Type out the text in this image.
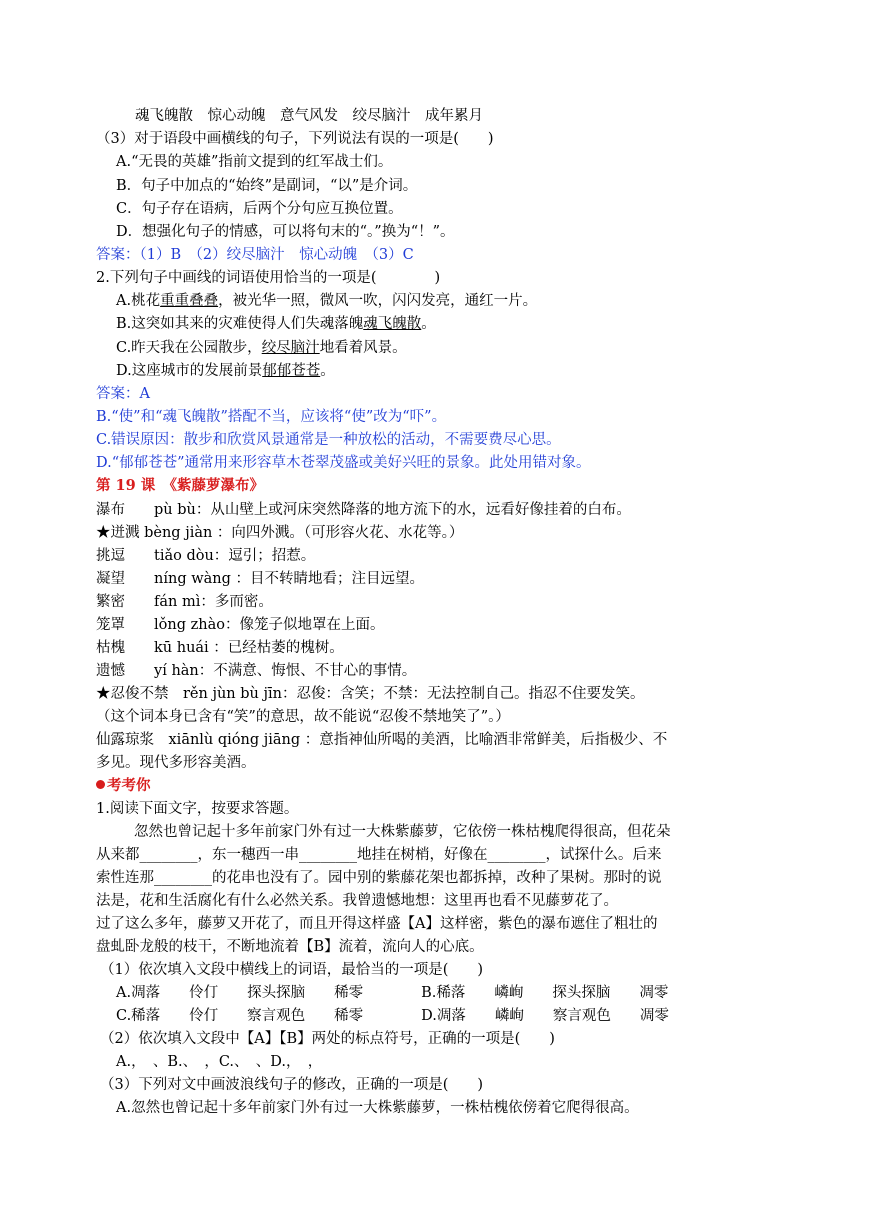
魂飞魄散　惊心动魄　意气风发　绞尽脑汁　成年累月
（3）对于语段中画横线的句子，下列说法有误的一项是(　　)
A.“无畏的英雄”指前文提到的红军战士们。
B．句子中加点的“始终”是副词，“以”是介词。
C．句子存在语病，后两个分句应互换位置。
D．想强化句子的情感，可以将句末的“。”换为“！”。
答案：（1）B　（2）绞尽脑汁　惊心动魄　（3）C
2.下列句子中画线的词语使用恰当的一项是(　　　　)
A.桃花重重叠叠，被光华一照，微风一吹，闪闪发亮，通红一片。
B.这突如其来的灾难使得人们失魂落魄魂飞魄散。
C.昨天我在公园散步，绞尽脑汁地看着风景。
D.这座城市的发展前景郁郁苍苍。
答案：A
B.“使”和“魂飞魄散”搭配不当，应该将“使”改为“吓”。
C.错误原因：散步和欣赏风景通常是一种放松的活动，不需要费尽心思。
D.“郁郁苍苍”通常用来形容草木苍翠茂盛或美好兴旺的景象。此处用错对象。
第 19 课　《紫藤萝瀑布》
瀑布　　pù bù：从山壁上或河床突然降落的地方流下的水，远看好像挂着的白布。
★迸溅 bèng jiàn ：向四外溅。（可形容火花、水花等。）
挑逗　　tiǎo dòu：逗引；招惹。
凝望　　níng wàng ：目不转睛地看；注目远望。
繁密　　fán mì：多而密。
笼罩　　lǒng zhào：像笼子似地罩在上面。
枯槐　　kū huái ：已经枯萎的槐树。
遗憾　　yí hàn：不满意、悔恨、不甘心的事情。
★忍俊不禁　rěn jùn bù jīn：忍俊：含笑；不禁：无法控制自己。指忍不住要发笑。
（这个词本身已含有“笑”的意思，故不能说“忍俊不禁地笑了”。）
仙露琼浆　xiānlù qióng jiāng ：意指神仙所喝的美酒，比喻酒非常鲜美，后指极少、不
多见。现代多形容美酒。
考考你
1.阅读下面文字，按要求答题。
忽然也曾记起十多年前家门外有过一大株紫藤萝，它依傍一株枯槐爬得很高，但花朵
从来都________，东一穗西一串________地挂在树梢，好像在________，试探什么。后来
索性连那________的花串也没有了。园中别的紫藤花架也都拆掉，改种了果树。那时的说
法是，花和生活腐化有什么必然关系。我曾遗憾地想：这里再也看不见藤萝花了。
过了这么多年，藤萝又开花了，而且开得这样盛【A】这样密，紫色的瀑布遮住了粗壮的
盘虬卧龙般的枝干，不断地流着【B】流着，流向人的心底。
（1）依次填入文段中横线上的词语，最恰当的一项是(　　)
A.凋落　　伶仃　　探头探脑　　稀零　　　　B.稀落　　嶙峋　　探头探脑　　凋零
C.稀落　　伶仃　　察言观色　　稀零　　　　D.凋落　　嶙峋　　察言观色　　凋零
（2）依次填入文段中【A】【B】两处的标点符号，正确的一项是(　　)
A.，　、B.、　，C.、　、D.，　，
（3）下列对文中画波浪线句子的修改，正确的一项是(　　)
A.忽然也曾记起十多年前家门外有过一大株紫藤萝，一株枯槐依傍着它爬得很高。
